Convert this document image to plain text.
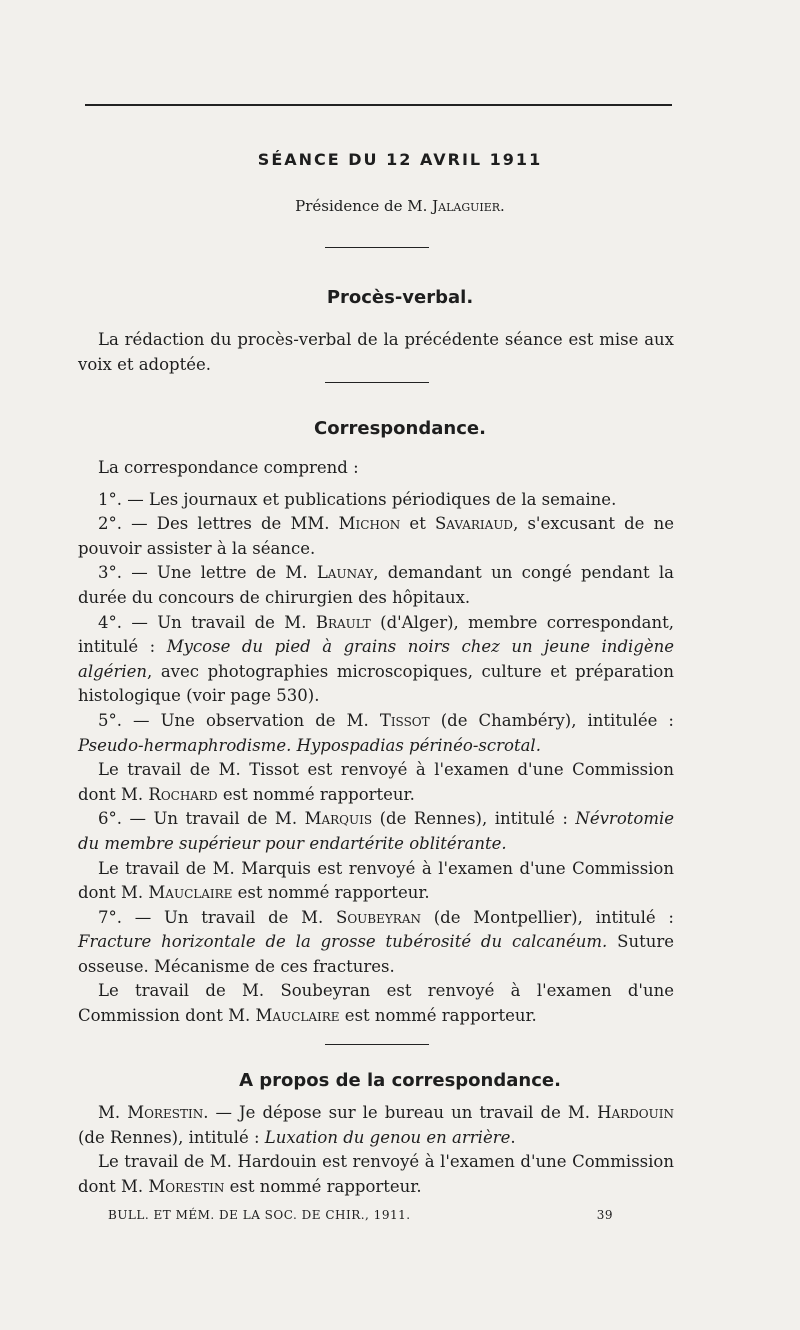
SÉANCE DU 12 AVRIL 1911
Présidence de M. Jalaguier.
Procès-verbal.

La rédaction du procès-verbal de la précédente séance est mise aux voix et adoptée.

Correspondance.

La correspondance comprend :

1°. — Les journaux et publications périodiques de la semaine.

2°. — Des lettres de MM. Michon et Savariaud, s'excusant de ne pouvoir assister à la séance.

3°. — Une lettre de M. Launay, demandant un congé pendant la durée du concours de chirurgien des hôpitaux.

4°. — Un travail de M. Brault (d'Alger), membre correspondant, intitulé : Mycose du pied à grains noirs chez un jeune indigène algérien, avec photographies microscopiques, culture et préparation histologique (voir page 530).

5°. — Une observation de M. Tissot (de Chambéry), intitulée : Pseudo-hermaphrodisme. Hypospadias périnéo-scrotal.

Le travail de M. Tissot est renvoyé à l'examen d'une Commission dont M. Rochard est nommé rapporteur.

6°. — Un travail de M. Marquis (de Rennes), intitulé : Névrotomie du membre supérieur pour endartérite oblitérante.

Le travail de M. Marquis est renvoyé à l'examen d'une Commission dont M. Mauclaire est nommé rapporteur.

7°. — Un travail de M. Soubeyran (de Montpellier), intitulé : Fracture horizontale de la grosse tubérosité du calcanéum. Suture osseuse. Mécanisme de ces fractures.

Le travail de M. Soubeyran est renvoyé à l'examen d'une Commission dont M. Mauclaire est nommé rapporteur.

A propos de la correspondance.

M. Morestin. — Je dépose sur le bureau un travail de M. Hardouin (de Rennes), intitulé : Luxation du genou en arrière.

Le travail de M. Hardouin est renvoyé à l'examen d'une Commission dont M. Morestin est nommé rapporteur.

BULL. ET MÉM. DE LA SOC. DE CHIR., 1911.	39
